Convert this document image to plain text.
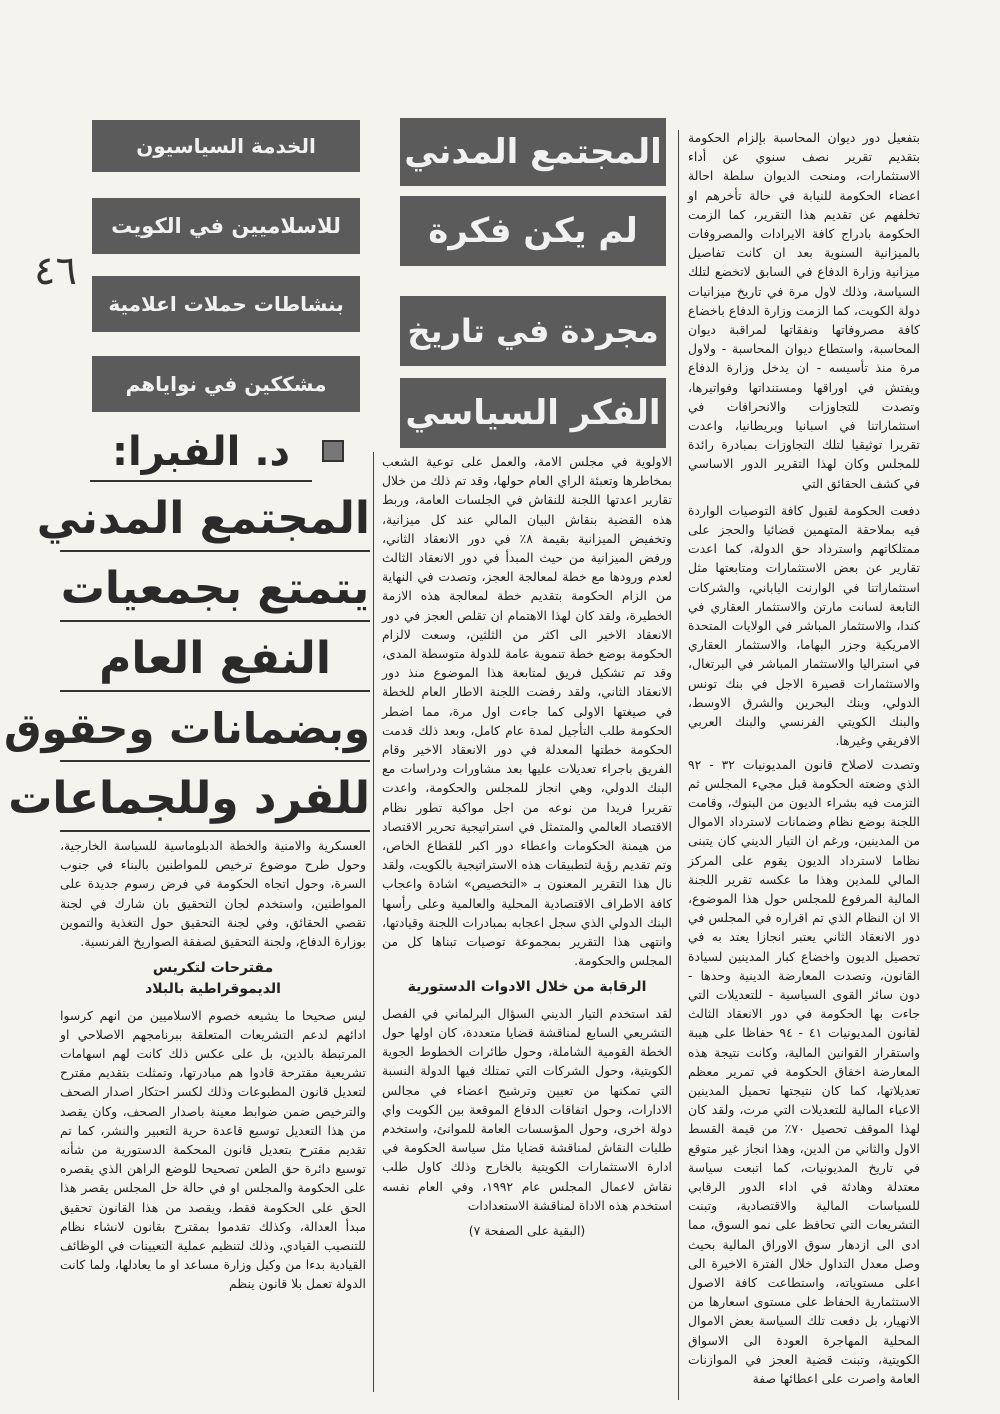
بتفعيل دور ديوان المحاسبة بإلزام الحكومة بتقديم تقرير نصف سنوي عن أداء الاستثمارات، ومنحت الديوان سلطة احالة اعضاء الحكومة للنيابة في حالة تأخرهم او تخلفهم عن تقديم هذا التقرير، كما الزمت الحكومة بادراج كافة الايرادات والمصروفات بالميزانية السنوية بعد ان كانت تفاصيل ميزانية وزارة الدفاع في السابق لاتخضع لتلك السياسة، وذلك لاول مرة في تاريخ ميزانيات دولة الكويت، كما الزمت وزارة الدفاع باخضاع كافة مصروفاتها ونفقاتها لمراقبة ديوان المحاسبة، واستطاع ديوان المحاسبة - ولاول مرة منذ تأسيسه - ان يدخل وزارة الدفاع ويفتش في اوراقها ومستنداتها وفواتيرها، وتصدت للتجاوزات والانحرافات في استثماراتنا في اسبانيا وبريطانيا، واعدت تقريرا توثيقيا لتلك التجاوزات بمبادرة رائدة للمجلس وكان لهذا التقرير الدور الاساسي في كشف الحقائق التي

دفعت الحكومة لقبول كافة التوصيات الواردة فيه بملاحقة المتهمين قضائيا والحجز على ممتلكاتهم واسترداد حق الدولة، كما اعدت تقارير عن بعض الاستثمارات ومتابعتها مثل استثماراتنا في الوارنت الياباني، والشركات التابعة لسانت مارتن والاستثمار العقاري في كندا، والاستثمار المباشر في الولايات المتحدة الامريكية وجزر البهاما، والاستثمار العقاري في استراليا والاستثمار المباشر في البرتغال، والاستثمارات قصيرة الاجل في بنك تونس الدولي، وبنك البحرين والشرق الاوسط، والبنك الكويتي الفرنسي والبنك العربي الافريقي وغيرها.

وتصدت لاصلاح قانون المديونيات ٣٢ - ٩٢ الذي وضعته الحكومة قبل مجيء المجلس ثم التزمت فيه بشراء الديون من البنوك، وقامت اللجنة بوضع نظام وضمانات لاسترداد الاموال من المدينين، ورغم ان التيار الديني كان يتبنى نظاما لاسترداد الديون يقوم على المركز المالي للمدين وهذا ما عكسه تقرير اللجنة المالية المرفوع للمجلس حول هذا الموضوع، الا ان النظام الذي تم اقراره في المجلس في دور الانعقاد الثاني يعتبر انجازا يعتد به في تحصيل الديون واخضاع كبار المدينين لسيادة القانون، وتصدت المعارضة الدينية وحدها - دون سائر القوى السياسية - للتعديلات التي جاءت بها الحكومة في دور الانعقاد الثالث لقانون المديونيات ٤١ - ٩٤ حفاظا على هيبة واستقرار القوانين المالية، وكانت نتيجة هذه المعارضة اخفاق الحكومة في تمرير معظم تعديلاتها، كما كان نتيجتها تحميل المدينين الاعباء المالية للتعديلات التي مرت، ولقد كان لهذا الموقف تحصيل ٧٠٪ من قيمة القسط الاول والثاني من الدين، وهذا انجاز غير متوقع في تاريخ المديونيات، كما اتبعت سياسة معتدلة وهادئة في اداء الدور الرقابي للسياسات المالية والاقتصادية، وتبنت التشريعات التي تحافظ على نمو السوق، مما ادى الى ازدهار سوق الاوراق المالية بحيث وصل معدل التداول خلال الفترة الاخيرة الى اعلى مستوياته، واستطاعت كافة الاصول الاستثمارية الحفاظ على مستوى اسعارها من الانهيار، بل دفعت تلك السياسة بعض الاموال المحلية المهاجرة العودة الى الاسواق الكويتية، وتبنت قضية العجز في الموازنات العامة واصرت على اعطائها صفة

المجتمع المدني
لم يكن فكرة
مجردة في تاريخ
الفكر السياسي

الاولوية في مجلس الامة، والعمل على توعية الشعب بمخاطرها وتعبئة الراي العام حولها، وقد تم ذلك من خلال تقارير اعدتها اللجنة للنقاش في الجلسات العامة، وربط هذه القضية بنقاش البيان المالي عند كل ميزانية، وتخفيض الميزانية بقيمة ٨٪ في دور الانعقاد الثاني، ورفض الميزانية من حيث المبدأ في دور الانعقاد الثالث لعدم ورودها مع خطة لمعالجة العجز، وتصدت في النهاية من الزام الحكومة بتقديم خطة لمعالجة هذه الازمة الخطيرة، ولقد كان لهذا الاهتمام ان تقلص العجز في دور الانعقاد الاخير الى اكثر من الثلثين، وسعت لالزام الحكومة بوضع خطة تنموية عامة للدولة متوسطة المدى، وقد تم تشكيل فريق لمتابعة هذا الموضوع منذ دور الانعقاد الثاني، ولقد رفضت اللجنة الاطار العام للخطة في صيغتها الاولى كما جاءت اول مرة، مما اضطر الحكومة طلب التأجيل لمدة عام كامل، وبعد ذلك قدمت الحكومة خطتها المعدلة في دور الانعقاد الاخير وقام الفريق باجراء تعديلات عليها بعد مشاورات ودراسات مع البنك الدولي، وهي انجاز للمجلس والحكومة، واعدت تقريرا فريدا من نوعه من اجل مواكبة تطور نظام الاقتصاد العالمي والمتمثل في استراتيجية تحرير الاقتصاد من هيمنة الحكومات واعطاء دور اكبر للقطاع الخاص، وتم تقديم رؤية لتطبيقات هذه الاستراتيجية بالكويت، ولقد نال هذا التقرير المعنون بـ «التخصيص» اشادة واعجاب كافة الاطراف الاقتصادية المحلية والعالمية وعلى رأسها البنك الدولي الذي سجل اعجابه بمبادرات اللجنة وقيادتها، وانتهى هذا التقرير بمجموعة توصيات تبناها كل من المجلس والحكومة.

الرقابة من خلال الادوات الدستورية

لقد استخدم التيار الديني السؤال البرلماني في الفصل التشريعي السابع لمناقشة قضايا متعددة، كان اولها حول الخطة القومية الشاملة، وحول طائرات الخطوط الجوية الكويتية، وحول الشركات التي تمتلك فيها الدولة النسبة التي تمكنها من تعيين وترشيح اعضاء في مجالس الادارات، وحول اتفاقات الدفاع الموقعة بين الكويت واي دولة اخرى، وحول المؤسسات العامة للموانئ، واستخدم طلبات النقاش لمناقشة قضايا مثل سياسة الحكومة في ادارة الاستثمارات الكويتية بالخارج وذلك كاول طلب نقاش لاعمال المجلس عام ١٩٩٢، وفي العام نفسه استخدم هذه الاداة لمناقشة الاستعدادات

(البقية على الصفحة ٧)
الخدمة السياسيون
للاسلاميين في الكويت
بنشاطات حملات اعلامية
مشككين في نواياهم
٤٦
د. الفبرا:
المجتمع المدني
يتمتع بجمعيات
النفع العام
وبضمانات وحقوق
للفرد وللجماعات

العسكرية والامنية والخطة الدبلوماسية للسياسة الخارجية، وحول طرح موضوع ترخيص للمواطنين بالبناء في جنوب السرة، وحول اتجاه الحكومة في فرض رسوم جديدة على المواطنين، واستخدم لجان التحقيق بان شارك في لجنة تقصي الحقائق، وفي لجنة التحقيق حول التغذية والتموين بوزارة الدفاع، ولجنة التحقيق لصفقة الصواريخ الفرنسية.

مقترحات لتكريس
الديموقراطية بالبلاد

ليس صحيحا ما يشيعه خصوم الاسلاميين من انهم كرسوا ادائهم لدعم التشريعات المتعلقة ببرنامجهم الاصلاحي او المرتبطة بالدين، بل على عكس ذلك كانت لهم اسهامات تشريعية مقترحة قادوا هم مبادرتها، وتمثلت بتقديم مقترح لتعديل قانون المطبوعات وذلك لكسر احتكار اصدار الصحف والترخيص ضمن ضوابط معينة باصدار الصحف، وكان يقصد من هذا التعديل توسيع قاعدة حرية التعبير والنشر، كما تم تقديم مقترح بتعديل قانون المحكمة الدستورية من شأنه توسيع دائرة حق الطعن تصحيحا للوضع الراهن الذي يقصره على الحكومة والمجلس او في حالة حل المجلس يقصر هذا الحق على الحكومة فقط، ويقصد من هذا القانون تحقيق مبدأ العدالة، وكذلك تقدموا بمقترح بقانون لانشاء نظام للتنصيب القيادي، وذلك لتنظيم عملية التعيينات في الوظائف القيادية بدءا من وكيل وزارة مساعد او ما يعادلها، ولما كانت الدولة تعمل بلا قانون ينظم
